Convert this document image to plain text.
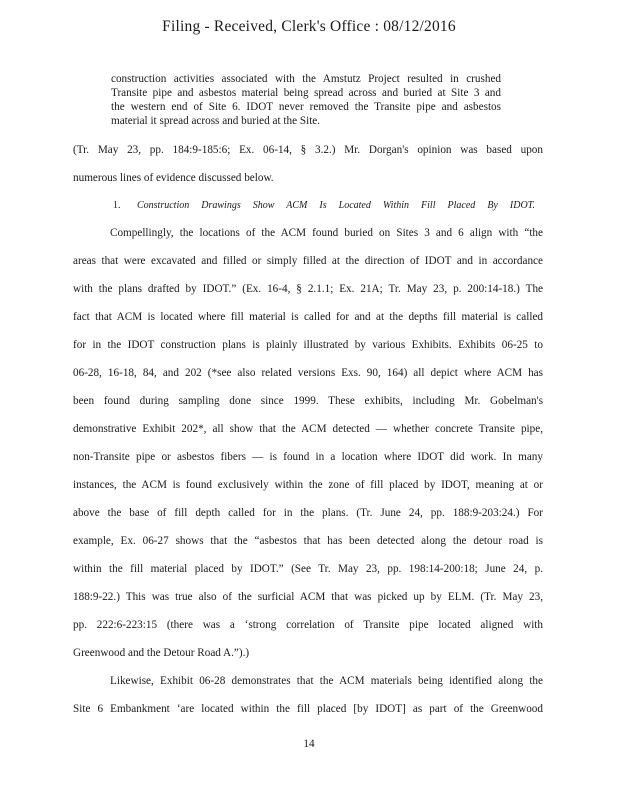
Filing - Received, Clerk's Office : 08/12/2016
construction activities associated with the Amstutz Project resulted in crushed
Transite pipe and asbestos material being spread across and buried at Site 3 and
the western end of Site 6. IDOT never removed the Transite pipe and asbestos
material it spread across and buried at the Site.
(Tr. May 23, pp. 184:9-185:6; Ex. 06-14, § 3.2.) Mr. Dorgan's opinion was based upon
numerous lines of evidence discussed below.
1. Construction Drawings Show ACM Is Located Within Fill Placed By IDOT.
Compellingly, the locations of the ACM found buried on Sites 3 and 6 align with “the
areas that were excavated and filled or simply filled at the direction of IDOT and in accordance
with the plans drafted by IDOT.” (Ex. 16-4, § 2.1.1; Ex. 21A; Tr. May 23, p. 200:14-18.) The
fact that ACM is located where fill material is called for and at the depths fill material is called
for in the IDOT construction plans is plainly illustrated by various Exhibits. Exhibits 06-25 to
06-28, 16-18, 84, and 202 (*see also related versions Exs. 90, 164) all depict where ACM has
been found during sampling done since 1999. These exhibits, including Mr. Gobelman's
demonstrative Exhibit 202*, all show that the ACM detected — whether concrete Transite pipe,
non-Transite pipe or asbestos fibers — is found in a location where IDOT did work. In many
instances, the ACM is found exclusively within the zone of fill placed by IDOT, meaning at or
above the base of fill depth called for in the plans. (Tr. June 24, pp. 188:9-203:24.) For
example, Ex. 06-27 shows that the “asbestos that has been detected along the detour road is
within the fill material placed by IDOT.” (See Tr. May 23, pp. 198:14-200:18; June 24, p.
188:9-22.) This was true also of the surficial ACM that was picked up by ELM. (Tr. May 23,
pp. 222:6-223:15 (there was a ‘strong correlation of Transite pipe located aligned with
Greenwood and the Detour Road A.”).)
Likewise, Exhibit 06-28 demonstrates that the ACM materials being identified along the
Site 6 Embankment ‘are located within the fill placed [by IDOT] as part of the Greenwood
14
